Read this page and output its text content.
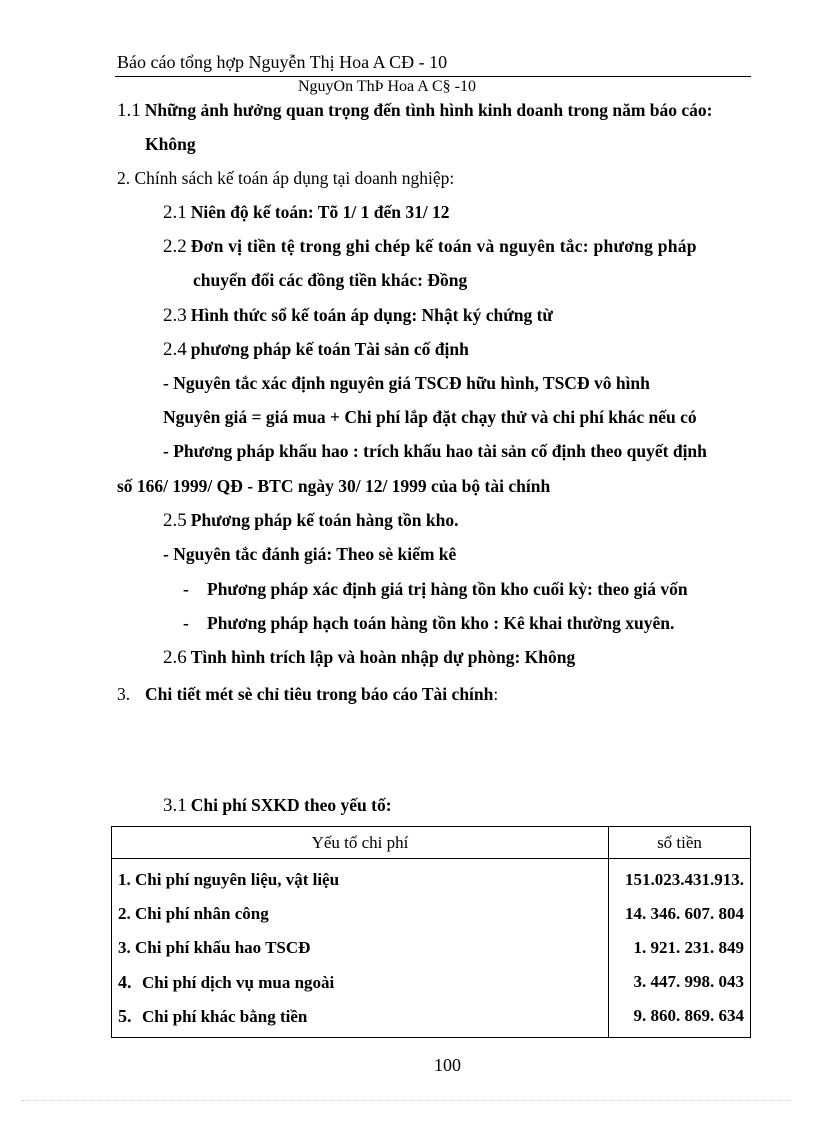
Báo cáo tổng hợp Nguyễn Thị Hoa A CĐ - 10
NguyOn ThÞ Hoa A C§ -10
1.1 Những ảnh hưởng quan trọng đến tình hình kinh doanh trong năm báo cáo:
Không
2. Chính sách kế toán áp dụng tại doanh nghiệp:
2.1 Niên độ kế toán: Tõ 1/ 1 đến 31/ 12
2.2 Đơn vị tiền tệ trong ghi chép kế toán và nguyên tắc: phương pháp
chuyển đổi các đồng tiền khác: Đồng
2.3 Hình thức sổ kế toán áp dụng: Nhật ký chứng từ
2.4 phương pháp kế toán Tài sản cố định
- Nguyên tắc xác định nguyên giá TSCĐ hữu hình, TSCĐ vô hình
Nguyên giá = giá mua + Chi phí lắp đặt chạy thử và chi phí khác nếu có
- Phương pháp khấu hao : trích khấu hao tài sản cố định theo quyết định
số 166/ 1999/ QĐ - BTC ngày 30/ 12/ 1999 của bộ tài chính
2.5 Phương pháp kế toán hàng tồn kho.
- Nguyên tắc đánh giá: Theo sè kiểm kê
- Phương pháp xác định giá trị hàng tồn kho cuối kỳ: theo giá vốn
- Phương pháp hạch toán hàng tồn kho : Kê khai thường xuyên.
2.6 Tình hình trích lập và hoàn nhập dự phòng: Không
3. Chi tiết mét sè chỉ tiêu trong báo cáo Tài chính:
3.1 Chi phí SXKD theo yếu tố:
Yếu tố chi phí	số tiền
1. Chi phí nguyên liệu, vật liệu	151.023.431.913.
2. Chi phí nhân công	14. 346. 607. 804
3. Chi phí khấu hao TSCĐ	1. 921. 231. 849
4. Chi phí dịch vụ mua ngoài	3. 447. 998. 043
5. Chi phí khác bằng tiền	9. 860. 869. 634
100
